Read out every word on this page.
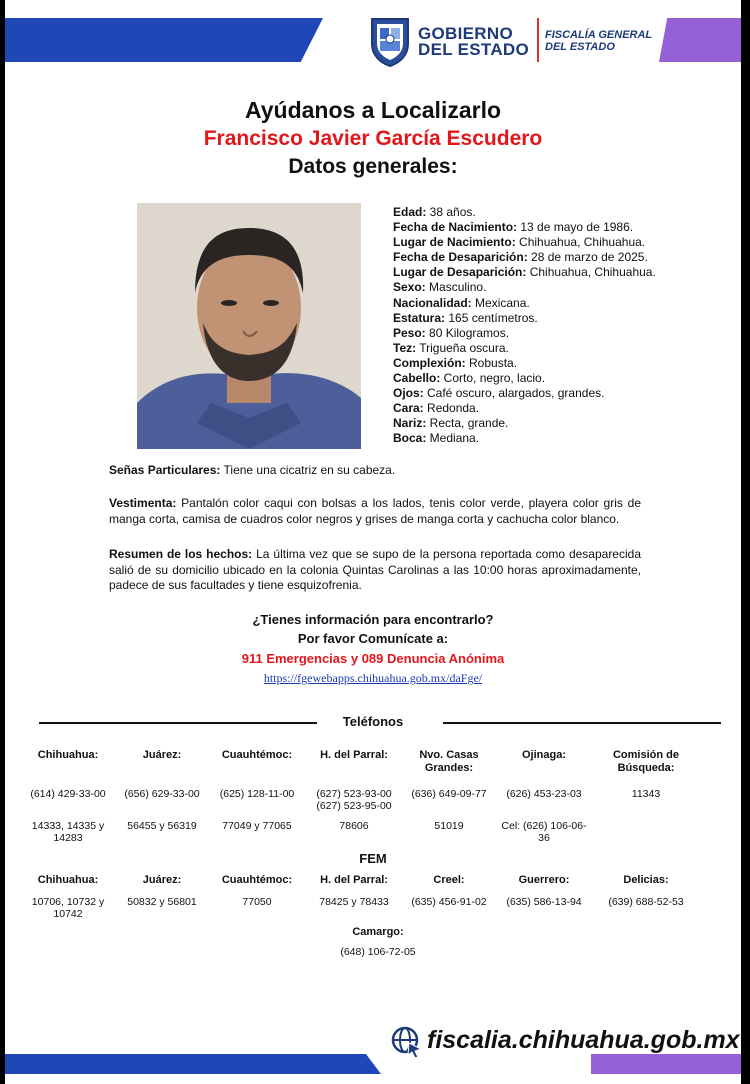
GOBIERNO
DEL ESTADO
FISCALÍA GENERAL
DEL ESTADO
Ayúdanos a Localizarlo
Francisco Javier García Escudero
Datos generales:
Edad: 38 años.
Fecha de Nacimiento: 13 de mayo de 1986.
Lugar de Nacimiento: Chihuahua, Chihuahua.
Fecha de Desaparición: 28 de marzo de 2025.
Lugar de Desaparición: Chihuahua, Chihuahua.
Sexo: Masculino.
Nacionalidad: Mexicana.
Estatura: 165 centímetros.
Peso: 80 Kilogramos.
Tez: Trigueña oscura.
Complexión: Robusta.
Cabello: Corto, negro, lacio.
Ojos: Café oscuro, alargados, grandes.
Cara: Redonda.
Nariz: Recta, grande.
Boca: Mediana.
Señas Particulares: Tiene una cicatriz en su cabeza.
Vestimenta: Pantalón color caqui con bolsas a los lados, tenis color verde, playera color gris de manga corta, camisa de cuadros color negros y grises de manga corta y cachucha color blanco.
Resumen de los hechos: La última vez que se supo de la persona reportada como desaparecida salió de su domicilio ubicado en la colonia Quintas Carolinas a las 10:00 horas aproximadamente, padece de sus facultades y tiene esquizofrenia.
¿Tienes información para encontrarlo?
Por favor Comunícate a:
911 Emergencias y 089 Denuncia Anónima
https://fgewebapps.chihuahua.gob.mx/daFge/
Teléfonos
Chihuahua:
(614) 429-33-00
14333, 14335 y 14283
Juárez:
(656) 629-33-00
56455 y 56319
Cuauhtémoc:
(625) 128-11-00
77049 y 77065
H. del Parral:
(627) 523-93-00 (627) 523-95-00
78606
Nvo. Casas Grandes:
(636) 649-09-77
51019
Ojinaga:
(626) 453-23-03
Cel: (626) 106-06-36
Comisión de Búsqueda:
11343
FEM
Chihuahua:
10706, 10732 y 10742
Juárez:
50832 y 56801
Cuauhtémoc:
77050
H. del Parral:
78425 y 78433
Creel:
(635) 456-91-02
Guerrero:
(635) 586-13-94
Delicias:
(639) 688-52-53
Camargo:
(648) 106-72-05
fiscalia.chihuahua.gob.mx
